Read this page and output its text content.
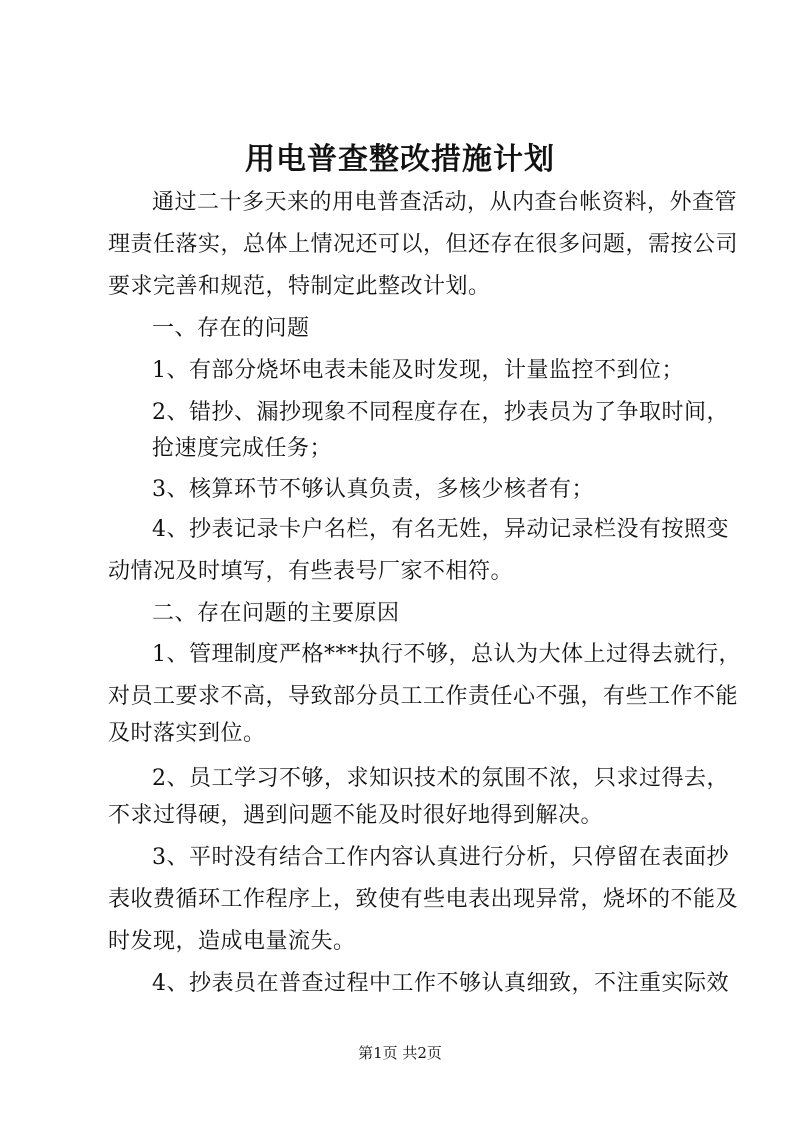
用电普查整改措施计划
通过二十多天来的用电普查活动，从内查台帐资料，外查管
理责任落实，总体上情况还可以，但还存在很多问题，需按公司
要求完善和规范，特制定此整改计划。
一、存在的问题
1、有部分烧坏电表未能及时发现，计量监控不到位；
2、错抄、漏抄现象不同程度存在，抄表员为了争取时间，
抢速度完成任务；
3、核算环节不够认真负责，多核少核者有；
4、抄表记录卡户名栏，有名无姓，异动记录栏没有按照变
动情况及时填写，有些表号厂家不相符。
二、存在问题的主要原因
1、管理制度严格***执行不够，总认为大体上过得去就行，
对员工要求不高，导致部分员工工作责任心不强，有些工作不能
及时落实到位。
2、员工学习不够，求知识技术的氛围不浓，只求过得去，
不求过得硬，遇到问题不能及时很好地得到解决。
3、平时没有结合工作内容认真进行分析，只停留在表面抄
表收费循环工作程序上，致使有些电表出现异常，烧坏的不能及
时发现，造成电量流失。
4、抄表员在普查过程中工作不够认真细致，不注重实际效
第1页 共2页
